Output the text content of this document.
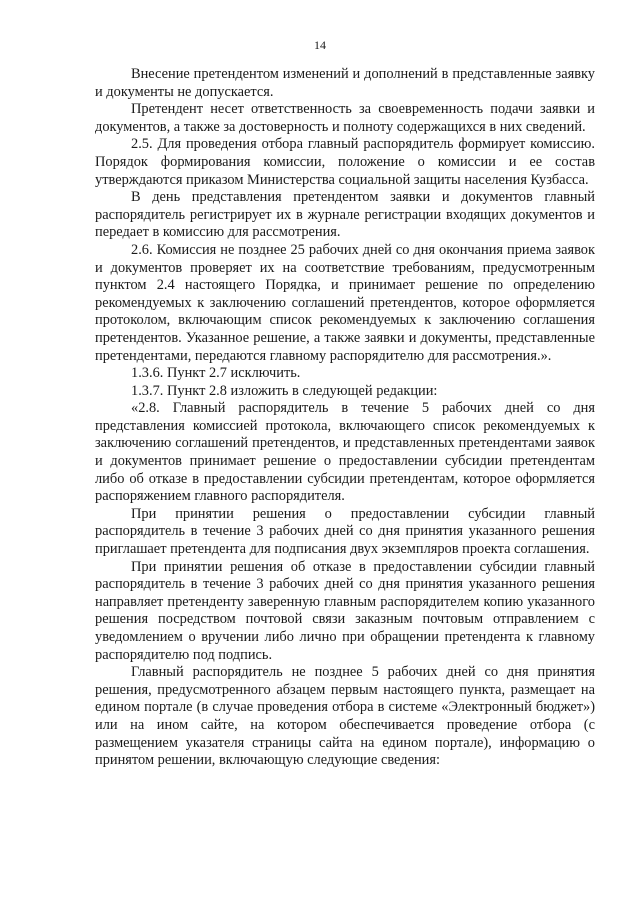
14

Внесение претендентом изменений и дополнений в представленные заявку и документы не допускается.

Претендент несет ответственность за своевременность подачи заявки и документов, а также за достоверность и полноту содержащихся в них сведений.

2.5. Для проведения отбора главный распорядитель формирует комиссию. Порядок формирования комиссии, положение о комиссии и ее состав утверждаются приказом Министерства социальной защиты населения Кузбасса.

В день представления претендентом заявки и документов главный распорядитель регистрирует их в журнале регистрации входящих документов и передает в комиссию для рассмотрения.

2.6. Комиссия не позднее 25 рабочих дней со дня окончания приема заявок и документов проверяет их на соответствие требованиям, предусмотренным пунктом 2.4 настоящего Порядка, и принимает решение по определению рекомендуемых к заключению соглашений претендентов, которое оформляется протоколом, включающим список рекомендуемых к заключению соглашения претендентов. Указанное решение, а также заявки и документы, представленные претендентами, передаются главному распорядителю для рассмотрения.».

1.3.6. Пункт 2.7 исключить.

1.3.7. Пункт 2.8 изложить в следующей редакции:

«2.8. Главный распорядитель в течение 5 рабочих дней со дня представления комиссией протокола, включающего список рекомендуемых к заключению соглашений претендентов, и представленных претендентами заявок и документов принимает решение о предоставлении субсидии претендентам либо об отказе в предоставлении субсидии претендентам, которое оформляется распоряжением главного распорядителя.

При принятии решения о предоставлении субсидии главный распорядитель в течение 3 рабочих дней со дня принятия указанного решения приглашает претендента для подписания двух экземпляров проекта соглашения.

При принятии решения об отказе в предоставлении субсидии главный распорядитель в течение 3 рабочих дней со дня принятия указанного решения направляет претенденту заверенную главным распорядителем копию указанного решения посредством почтовой связи заказным почтовым отправлением с уведомлением о вручении либо лично при обращении претендента к главному распорядителю под подпись.

Главный распорядитель не позднее 5 рабочих дней со дня принятия решения, предусмотренного абзацем первым настоящего пункта, размещает на едином портале (в случае проведения отбора в системе «Электронный бюджет») или на ином сайте, на котором обеспечивается проведение отбора (с размещением указателя страницы сайта на едином портале), информацию о принятом решении, включающую следующие сведения:
